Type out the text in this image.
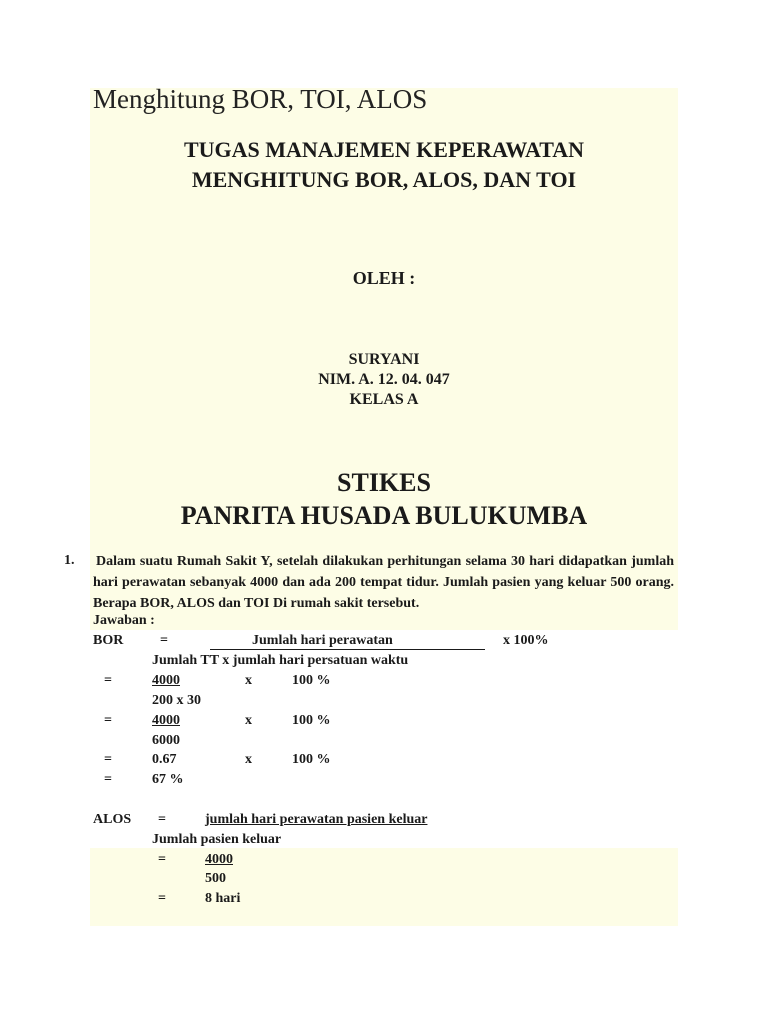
Menghitung BOR, TOI, ALOS
TUGAS MANAJEMEN KEPERAWATAN
MENGHITUNG BOR, ALOS, DAN TOI
OLEH :
SURYANI
NIM. A. 12. 04. 047
KELAS A
STIKES
PANRITA HUSADA BULUKUMBA
1. Dalam suatu Rumah Sakit Y, setelah dilakukan perhitungan selama 30 hari didapatkan jumlah hari perawatan sebanyak 4000 dan ada 200 tempat tidur. Jumlah pasien yang keluar 500 orang. Berapa BOR, ALOS dan TOI Di rumah sakit tersebut.
Jawaban :
BOR	=	Jumlah hari perawatan	x 100%
Jumlah TT x jumlah hari persatuan waktu
=	4000	x	100 %
200 x 30
=	4000	x	100 %
6000
=	0.67	x	100 %
=	67 %
ALOS =	jumlah hari perawatan pasien keluar
Jumlah pasien keluar
=	4000
500
=	8 hari
